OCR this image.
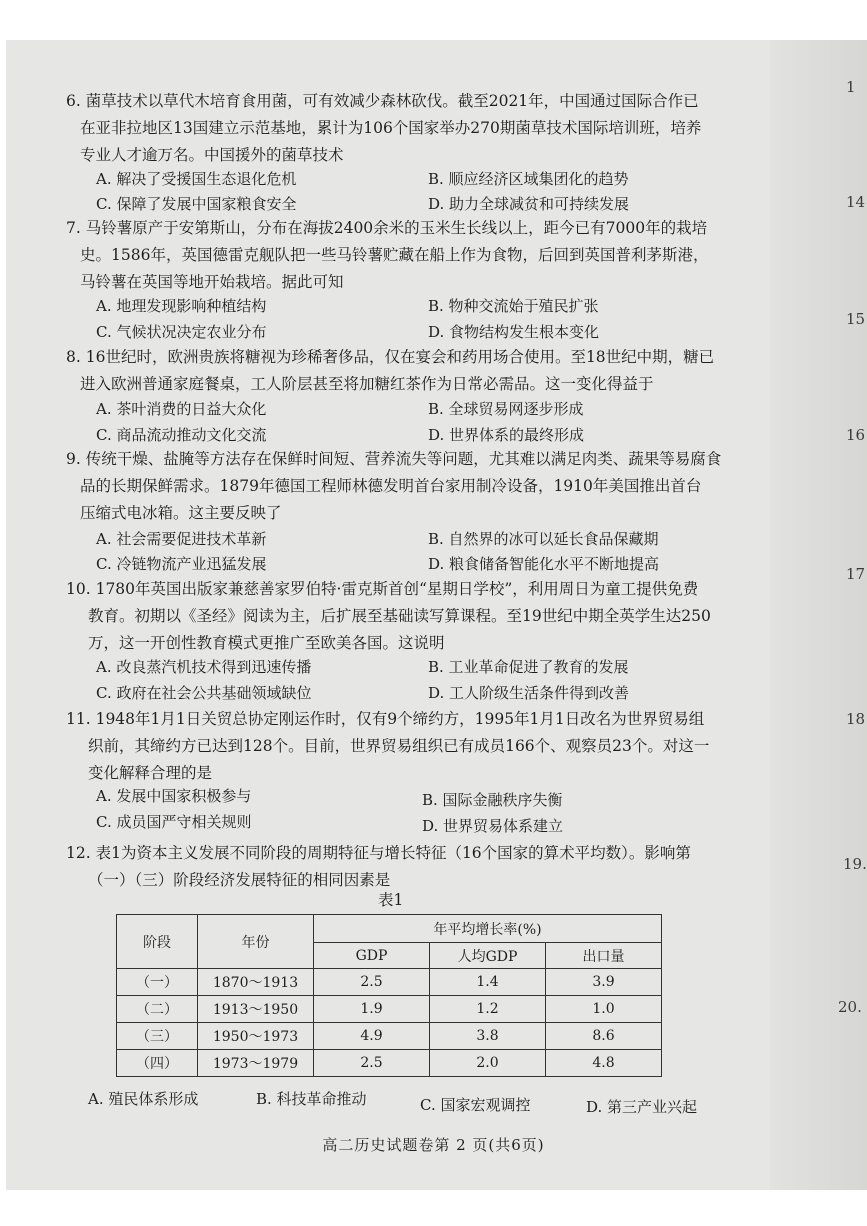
1
14
15
16
17
18
19.
20.
6. 菌草技术以草代木培育食用菌，可有效减少森林砍伐。截至2021年，中国通过国际合作已
在亚非拉地区13国建立示范基地，累计为106个国家举办270期菌草技术国际培训班，培养
专业人才逾万名。中国援外的菌草技术
A. 解决了受援国生态退化危机	B. 顺应经济区域集团化的趋势
C. 保障了发展中国家粮食安全	D. 助力全球减贫和可持续发展
7. 马铃薯原产于安第斯山，分布在海拔2400余米的玉米生长线以上，距今已有7000年的栽培
史。1586年，英国德雷克舰队把一些马铃薯贮藏在船上作为食物，后回到英国普利茅斯港，
马铃薯在英国等地开始栽培。据此可知
A. 地理发现影响种植结构	B. 物种交流始于殖民扩张
C. 气候状况决定农业分布	D. 食物结构发生根本变化
8. 16世纪时，欧洲贵族将糖视为珍稀奢侈品，仅在宴会和药用场合使用。至18世纪中期，糖已
进入欧洲普通家庭餐桌，工人阶层甚至将加糖红茶作为日常必需品。这一变化得益于
A. 茶叶消费的日益大众化	B. 全球贸易网逐步形成
C. 商品流动推动文化交流	D. 世界体系的最终形成
9. 传统干燥、盐腌等方法存在保鲜时间短、营养流失等问题，尤其难以满足肉类、蔬果等易腐食
品的长期保鲜需求。1879年德国工程师林德发明首台家用制冷设备，1910年美国推出首台
压缩式电冰箱。这主要反映了
A. 社会需要促进技术革新	B. 自然界的冰可以延长食品保藏期
C. 冷链物流产业迅猛发展	D. 粮食储备智能化水平不断地提高
10. 1780年英国出版家兼慈善家罗伯特·雷克斯首创“星期日学校”，利用周日为童工提供免费
教育。初期以《圣经》阅读为主，后扩展至基础读写算课程。至19世纪中期全英学生达250
万，这一开创性教育模式更推广至欧美各国。这说明
A. 改良蒸汽机技术得到迅速传播	B. 工业革命促进了教育的发展
C. 政府在社会公共基础领域缺位	D. 工人阶级生活条件得到改善
11. 1948年1月1日关贸总协定刚运作时，仅有9个缔约方，1995年1月1日改名为世界贸易组
织前，其缔约方已达到128个。目前，世界贸易组织已有成员166个、观察员23个。对这一
变化解释合理的是
A. 发展中国家积极参与	B. 国际金融秩序失衡
C. 成员国严守相关规则	D. 世界贸易体系建立
12. 表1为资本主义发展不同阶段的周期特征与增长特征（16个国家的算术平均数）。影响第
（一）（三）阶段经济发展特征的相同因素是
表1
阶段	年份	年平均增长率(%)		
		GDP	人均GDP	出口量
（一）	1870～1913	2.5	1.4	3.9
（二）	1913～1950	1.9	1.2	1.0
（三）	1950～1973	4.9	3.8	8.6
（四）	1973～1979	2.5	2.0	4.8
A. 殖民体系形成	B. 科技革命推动	C. 国家宏观调控	D. 第三产业兴起
高二历史试题卷第 2 页(共6页)
